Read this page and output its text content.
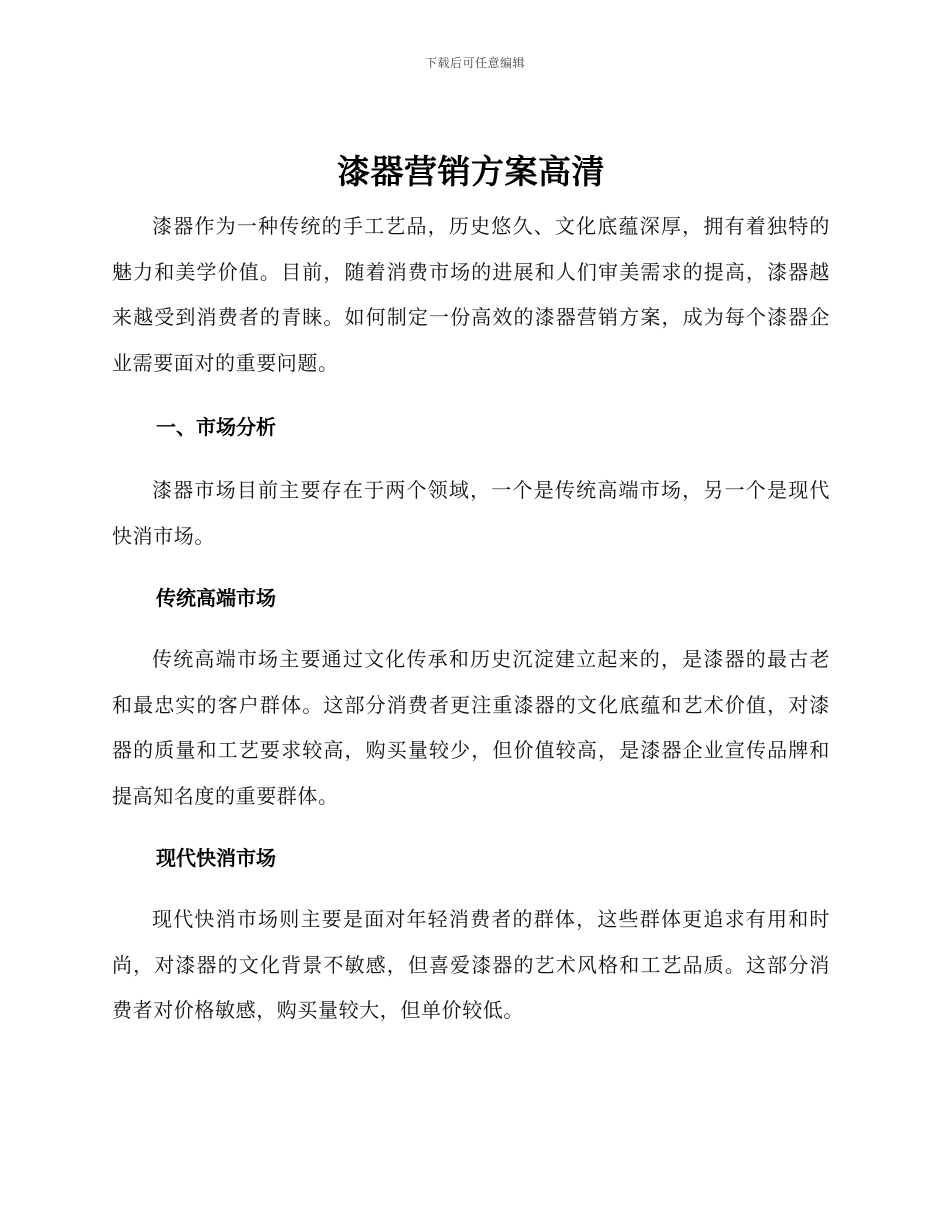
下载后可任意编辑
漆器营销方案高清

漆器作为一种传统的手工艺品，历史悠久、文化底蕴深厚，拥有着独特的魅力和美学价值。目前，随着消费市场的进展和人们审美需求的提高，漆器越来越受到消费者的青睐。如何制定一份高效的漆器营销方案，成为每个漆器企业需要面对的重要问题。

一、市场分析

漆器市场目前主要存在于两个领域，一个是传统高端市场，另一个是现代快消市场。

传统高端市场

传统高端市场主要通过文化传承和历史沉淀建立起来的，是漆器的最古老和最忠实的客户群体。这部分消费者更注重漆器的文化底蕴和艺术价值，对漆器的质量和工艺要求较高，购买量较少，但价值较高，是漆器企业宣传品牌和提高知名度的重要群体。

现代快消市场

现代快消市场则主要是面对年轻消费者的群体，这些群体更追求有用和时尚，对漆器的文化背景不敏感，但喜爱漆器的艺术风格和工艺品质。这部分消费者对价格敏感，购买量较大，但单价较低。
